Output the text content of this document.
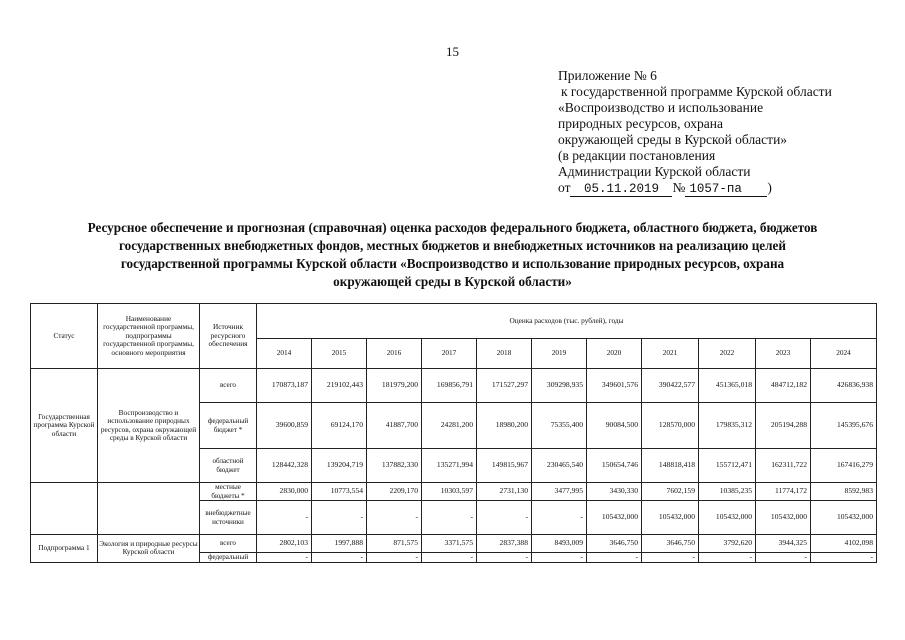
15
Приложение № 6
к государственной программе Курской области
«Воспроизводство и использование
природных ресурсов, охрана
окружающей среды в Курской области»
(в редакции постановления
Администрации Курской области
от 05.11.2019 № 1057-па )
Ресурсное обеспечение и прогнозная (справочная) оценка расходов федерального бюджета, областного бюджета, бюджетов
государственных внебюджетных фондов, местных бюджетов и внебюджетных источников на реализацию целей
государственной программы Курской области «Воспроизводство и использование природных ресурсов, охрана
окружающей среды в Курской области»
Статус	Наименование государственной программы, подпрограммы государственной программы, основного мероприятия	Источник ресурсного обеспечения	Оценка расходов (тыс. рублей), годы										
			2014	2015	2016	2017	2018	2019	2020	2021	2022	2023	2024
Государственная программа Курской области	Воспроизводство и использование природных ресурсов, охрана окружающей среды в Курской области	всего	170873,187	219102,443	181979,200	169856,791	171527,297	309298,935	349601,576	390422,577	451365,018	484712,182	426836,938
		федеральный бюджет *	39600,859	69124,170	41887,700	24281,200	18980,200	75355,400	90084,500	128570,000	179835,312	205194,288	145395,676
		областной бюджет	128442,328	139204,719	137882,330	135271,994	149815,967	230465,540	150654,746	148818,418	155712,471	162311,722	167416,279
		местные бюджеты *	2830,000	10773,554	2209,170	10303,597	2731,130	3477,995	3430,330	7602,159	10385,235	11774,172	8592,983
		внебюджетные источники	-	-	-	-	-	-	105432,000	105432,000	105432,000	105432,000	105432,000
Подпрограмма 1	Экология и природные ресурсы Курской области	всего	2802,103	1997,888	871,575	3371,575	2837,388	8493,009	3646,750	3646,750	3792,620	3944,325	4102,098
		федеральный	-	-	-	-	-	-	-	-	-	-	-
